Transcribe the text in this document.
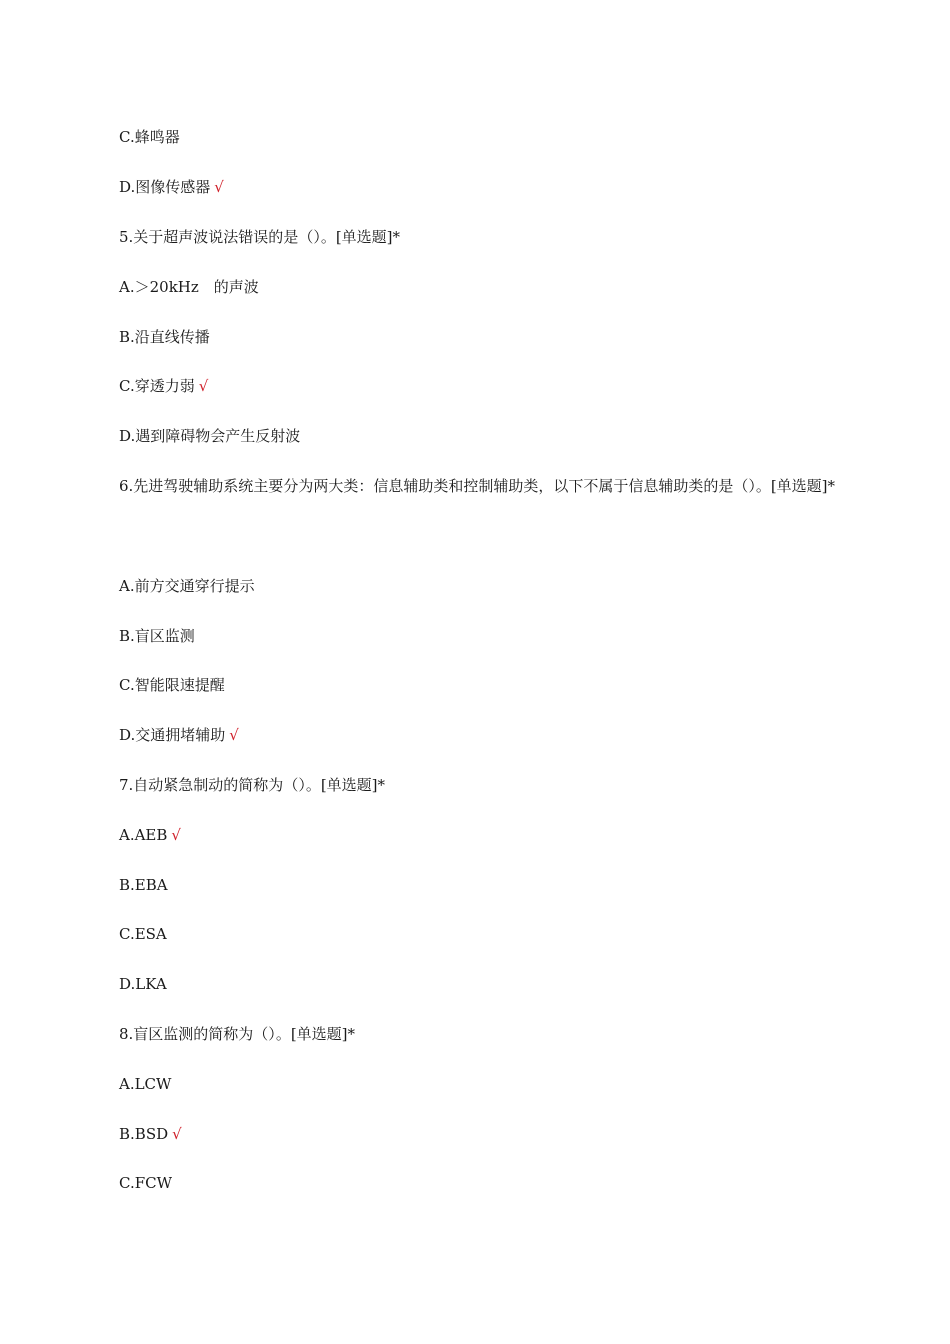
C.蜂鸣器
D.图像传感器 √
5.关于超声波说法错误的是（）。[单选题]*
A.＞20kHz　的声波
B.沿直线传播
C.穿透力弱 √
D.遇到障碍物会产生反射波
6.先进驾驶辅助系统主要分为两大类：信息辅助类和控制辅助类，以下不属于信息辅助类的是（）。[单选题]*
A.前方交通穿行提示
B.盲区监测
C.智能限速提醒
D.交通拥堵辅助 √
7.自动紧急制动的简称为（）。[单选题]*
A.AEB √
B.EBA
C.ESA
D.LKA
8.盲区监测的简称为（）。[单选题]*
A.LCW
B.BSD √
C.FCW
